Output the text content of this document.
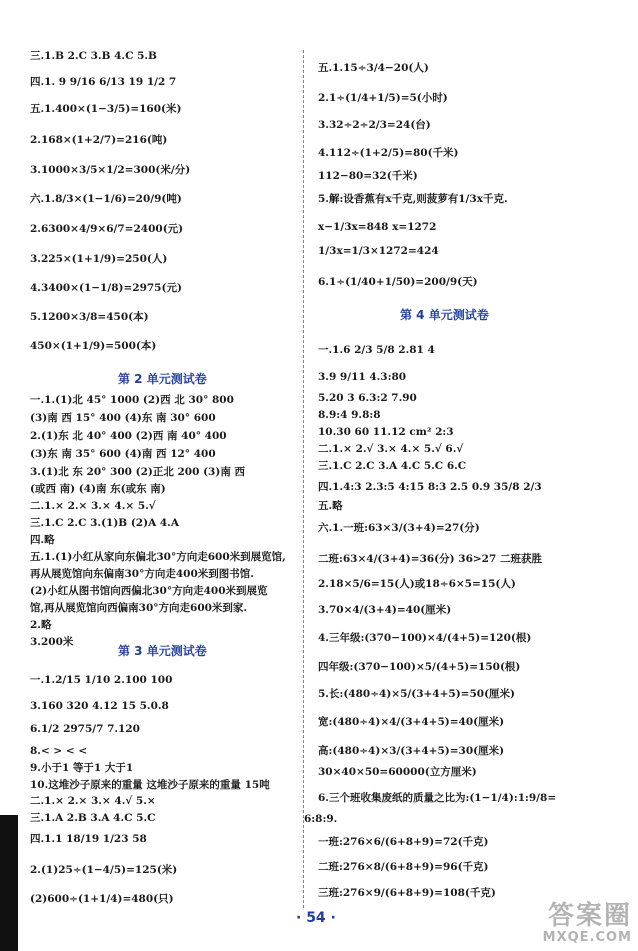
三.1.B 2.C 3.B 4.C 5.B
四.1. 9 9/16 6/13 19 1/2 7
五.1.400×(1−3/5)=160(米)
2.168×(1+2/7)=216(吨)
3.1000×3/5×1/2=300(米/分)
六.1.8/3×(1−1/6)=20/9(吨)
2.6300×4/9×6/7=2400(元)
3.225×(1+1/9)=250(人)
4.3400×(1−1/8)=2975(元)
5.1200×3/8=450(本)
450×(1+1/9)=500(本)
第 2 单元测试卷
一.1.(1)北 45° 1000 (2)西 北 30° 800
(3)南 西 15° 400 (4)东 南 30° 600
2.(1)东 北 40° 400 (2)西 南 40° 400
(3)东 南 35° 600 (4)南 西 12° 400
3.(1)北 东 20° 300 (2)正北 200 (3)南 西
(或西 南) (4)南 东(或东 南)
二.1.× 2.× 3.× 4.× 5.√
三.1.C 2.C 3.(1)B (2)A 4.A
四.略
五.1.(1)小红从家向东偏北30°方向走600米到展览馆,
再从展览馆向东偏南30°方向走400米到图书馆.
(2)小红从图书馆向西偏北30°方向走400米到展览
馆,再从展览馆向西偏南30°方向走600米到家.
2.略
3.200米
第 3 单元测试卷
一.1.2/15 1/10 2.100 100
3.160 320 4.12 15 5.0.8
6.1/2 2975/7 7.120
8.< > < <
9.小于1 等于1 大于1
10.这堆沙子原来的重量 这堆沙子原来的重量 15吨
二.1.× 2.× 3.× 4.√ 5.×
三.1.A 2.B 3.A 4.C 5.C
四.1.1 18/19 1/23 58
2.(1)25÷(1−4/5)=125(米)
(2)600÷(1+1/4)=480(只)
五.1.15÷3/4−20(人)
2.1÷(1/4+1/5)=5(小时)
3.32÷2÷2/3=24(台)
4.112÷(1+2/5)=80(千米)
112−80=32(千米)
5.解:设香蕉有x千克,则菠萝有1/3x千克.
x−1/3x=848 x=1272
1/3x=1/3×1272=424
6.1÷(1/40+1/50)=200/9(天)
第 4 单元测试卷
一.1.6 2/3 5/8 2.81 4
3.9 9/11 4.3:80
5.20 3 6.3:2 7.90
8.9:4 9.8:8
10.30 60 11.12 cm² 2:3
二.1.× 2.√ 3.× 4.× 5.√ 6.√
三.1.C 2.C 3.A 4.C 5.C 6.C
四.1.4:3 2.3:5 4:15 8:3 2.5 0.9 35/8 2/3
五.略
六.1.一班:63×3/(3+4)=27(分)
二班:63×4/(3+4)=36(分) 36>27 二班获胜
2.18×5/6=15(人)或18÷6×5=15(人)
3.70×4/(3+4)=40(厘米)
4.三年级:(370−100)×4/(4+5)=120(根)
四年级:(370−100)×5/(4+5)=150(根)
5.长:(480÷4)×5/(3+4+5)=50(厘米)
宽:(480÷4)×4/(3+4+5)=40(厘米)
高:(480÷4)×3/(3+4+5)=30(厘米)
30×40×50=60000(立方厘米)
6.三个班收集废纸的质量之比为:(1−1/4):1:9/8=
6:8:9.
一班:276×6/(6+8+9)=72(千克)
二班:276×8/(6+8+9)=96(千克)
三班:276×9/(6+8+9)=108(千克)
· 54 ·	答案圈
MXQE.COM
